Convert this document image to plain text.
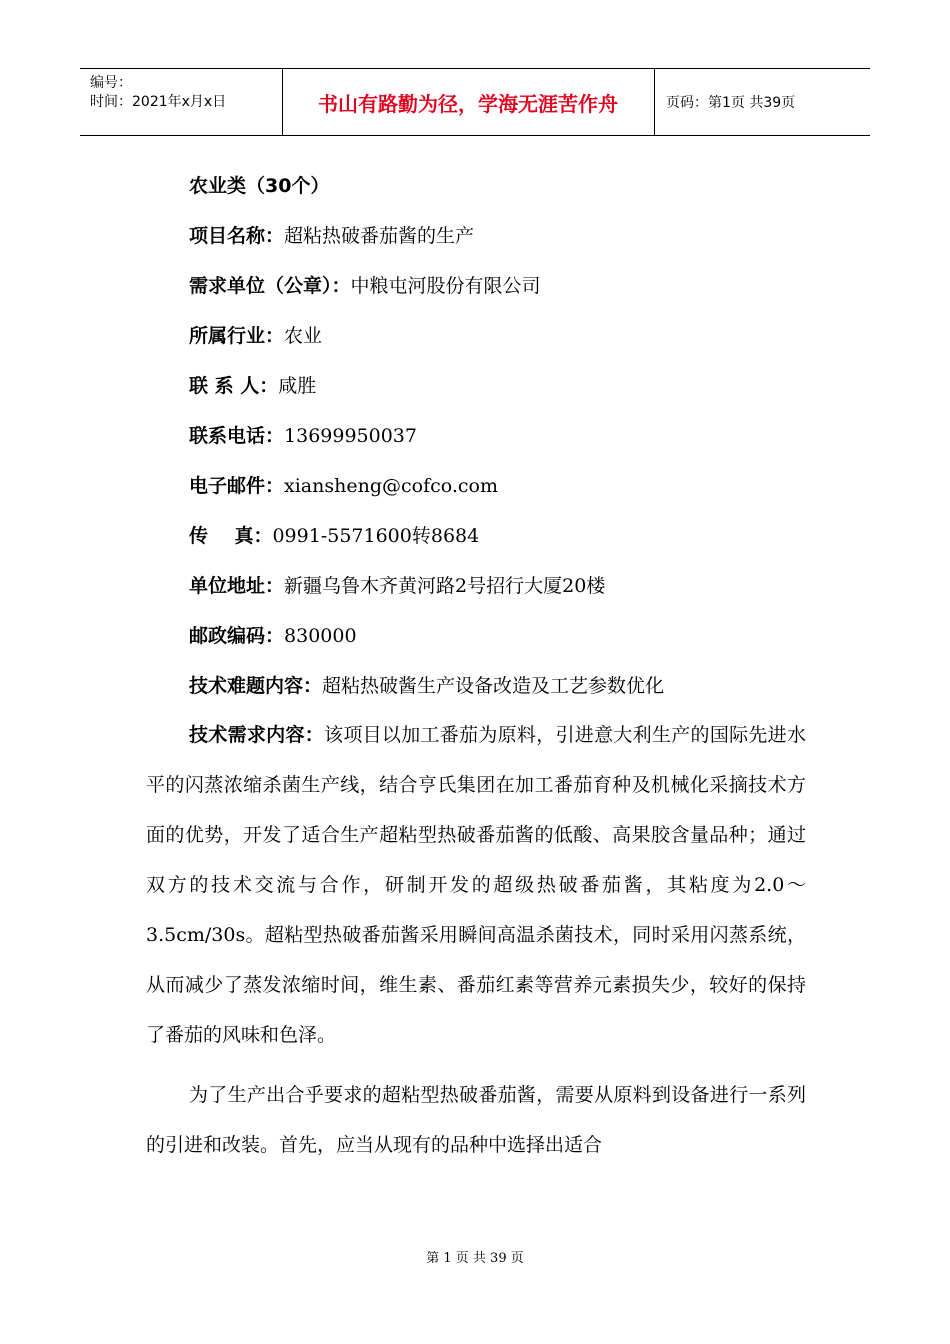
编号：
时间：2021年x月x日	书山有路勤为径，学海无涯苦作舟	页码：第1页 共39页
农业类（30个）
项目名称：超粘热破番茄酱的生产
需求单位（公章）：中粮屯河股份有限公司
所属行业：农业
联 系 人：咸胜
联系电话：13699950037
电子邮件：xiansheng@cofco.com
传    真：0991-5571600转8684
单位地址：新疆乌鲁木齐黄河路2号招行大厦20楼
邮政编码：830000
技术难题内容：超粘热破酱生产设备改造及工艺参数优化
技术需求内容：该项目以加工番茄为原料，引进意大利生产的国际先进水平的闪蒸浓缩杀菌生产线，结合亨氏集团在加工番茄育种及机械化采摘技术方面的优势，开发了适合生产超粘型热破番茄酱的低酸、高果胶含量品种；通过双方的技术交流与合作，研制开发的超级热破番茄酱，其粘度为2.0～3.5cm/30s。超粘型热破番茄酱采用瞬间高温杀菌技术，同时采用闪蒸系统，从而减少了蒸发浓缩时间，维生素、番茄红素等营养元素损失少，较好的保持了番茄的风味和色泽。
为了生产出合乎要求的超粘型热破番茄酱，需要从原料到设备进行一系列的引进和改装。首先，应当从现有的品种中选择出适合
第 1 页 共 39 页
